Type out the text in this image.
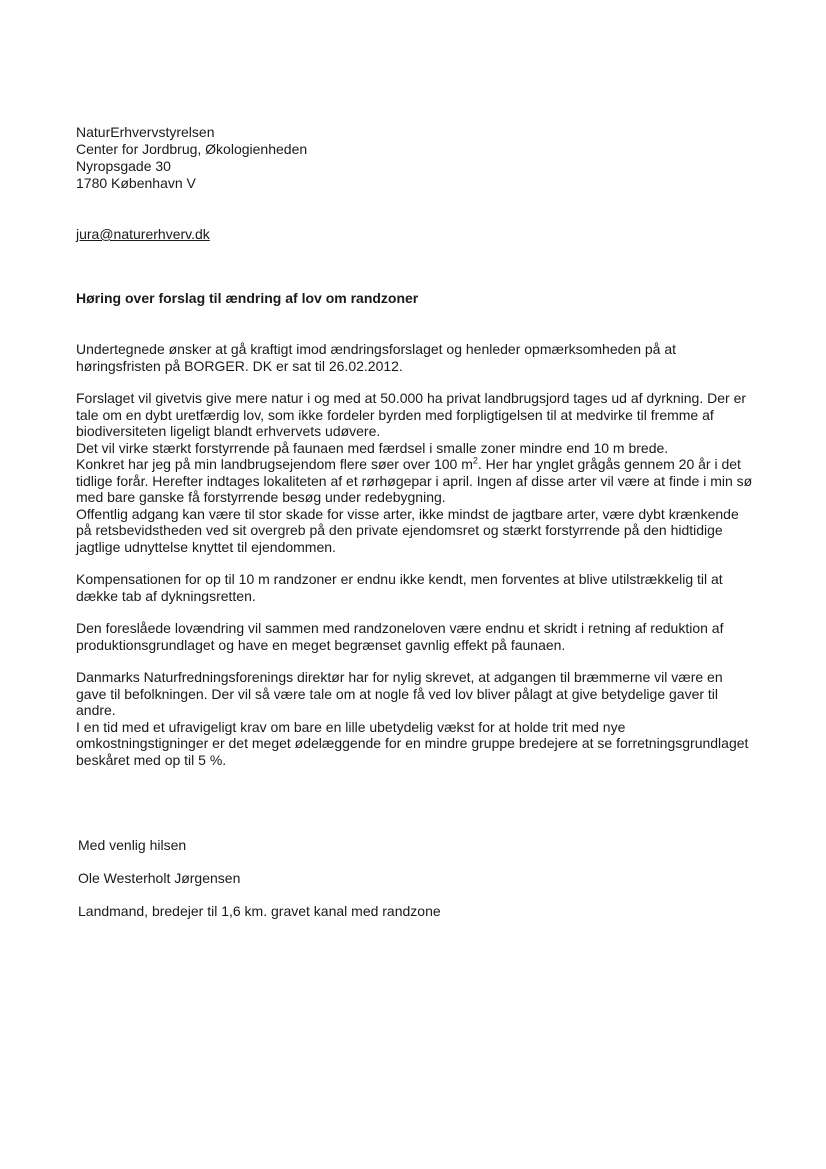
NaturErhvervstyrelsen
Center for Jordbrug, Økologienheden
Nyropsgade 30
1780 København V
jura@naturerhverv.dk
Høring over forslag til ændring af lov om randzoner

Undertegnede ønsker at gå kraftigt imod ændringsforslaget og henleder opmærksomheden på at høringsfristen på BORGER. DK er sat til 26.02.2012.

Forslaget vil givetvis give mere natur i og med at 50.000 ha privat landbrugsjord tages ud af dyrkning. Der er tale om en dybt uretfærdig lov, som ikke fordeler byrden med forpligtigelsen til at medvirke til fremme af biodiversiteten ligeligt blandt erhvervets udøvere.

Det vil virke stærkt forstyrrende på faunaen med færdsel i smalle zoner mindre end 10 m brede.

Konkret har jeg på min landbrugsejendom flere søer over 100 $m^2$. Her har ynglet grågås gennem 20 år i det tidlige forår. Herefter indtages lokaliteten af et rørhøgepar i april. Ingen af disse arter vil være at finde i min sø med bare ganske få forstyrrende besøg under redebygning.

Offentlig adgang kan være til stor skade for visse arter, ikke mindst de jagtbare arter, være dybt krænkende på retsbevidstheden ved sit overgreb på den private ejendomsret og stærkt forstyrrende på den hidtidige jagtlige udnyttelse knyttet til ejendommen.

Kompensationen for op til 10 m randzoner er endnu ikke kendt, men forventes at blive utilstrækkelig til at dække tab af dykningsretten.

Den foreslåede lovændring vil sammen med randzoneloven være endnu et skridt i retning af reduktion af produktionsgrundlaget og have en meget begrænset gavnlig effekt på faunaen.

Danmarks Naturfredningsforenings direktør har for nylig skrevet, at adgangen til bræmmerne vil være en gave til befolkningen. Der vil så være tale om at nogle få ved lov bliver pålagt at give betydelige gaver til andre.

I en tid med et ufravigeligt krav om bare en lille ubetydelig vækst for at holde trit med nye omkostningstigninger er det meget ødelæggende for en mindre gruppe bredejere at se forretningsgrundlaget beskåret med op til 5 %.

Med venlig hilsen
Ole Westerholt Jørgensen
Landmand, bredejer til 1,6 km. gravet kanal med randzone
